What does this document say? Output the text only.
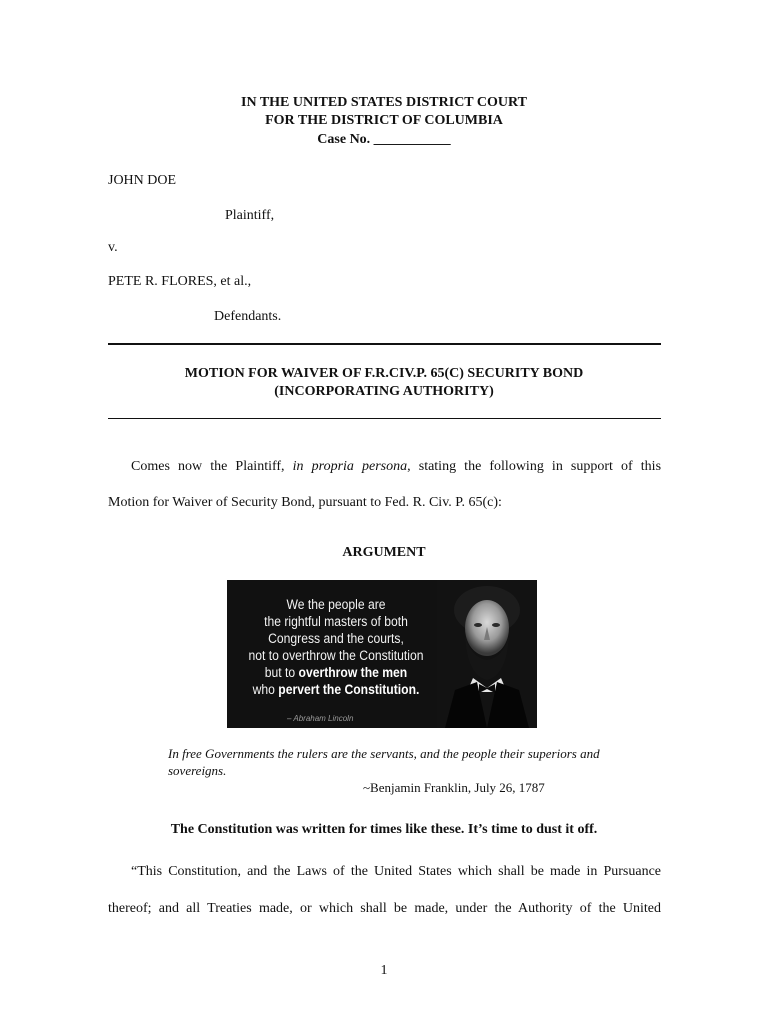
IN THE UNITED STATES DISTRICT COURT
FOR THE DISTRICT OF COLUMBIA
Case No. ___________
JOHN DOE
Plaintiff,
v.
PETE R. FLORES, et al.,
Defendants.
MOTION FOR WAIVER OF F.R.CIV.P. 65(C) SECURITY BOND
(INCORPORATING AUTHORITY)
Comes now the Plaintiff, in propria persona, stating the following in support of this
Motion for Waiver of Security Bond, pursuant to Fed. R. Civ. P. 65(c):
ARGUMENT
We the people are
the rightful masters of both
Congress and the courts,
not to overthrow the Constitution
but to overthrow the men
who pervert the Constitution.
– Abraham Lincoln
In free Governments the rulers are the servants, and the people their superiors and sovereigns.
~Benjamin Franklin, July 26, 1787
The Constitution was written for times like these. It’s time to dust it off.
“This Constitution, and the Laws of the United States which shall be made in Pursuance
thereof; and all Treaties made, or which shall be made, under the Authority of the United
1
